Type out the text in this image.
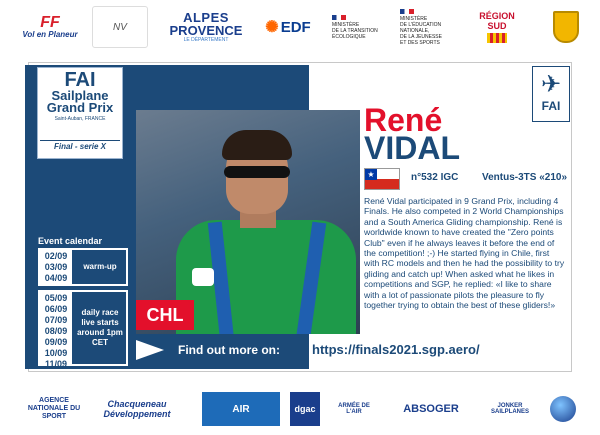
FF
Vol en Planeur
NV
ALPES
PROVENCE
LE DÉPARTEMENT
✺ EDF	MINISTÈRE
DE LA TRANSITION
ÉCOLOGIQUE
MINISTÈRE
DE L'ÉDUCATION
NATIONALE,
DE LA JEUNESSE
ET DES SPORTS
RÉGION
SUD
FAI
Sailplane
Grand Prix
Saint-Auban, FRANCE
Final - serie X
CHL
Event calendar
02/09
03/09
04/09
warm-up
05/09
06/09
07/09
08/09
09/09
10/09
11/09
daily race live starts around 1pm CET
Find out more on: https://finals2021.sgp.aero/
René
VIDAL
✈
FAI
★	n°532 IGC Ventus-3TS «210»
René Vidal participated in 9 Grand Prix, including 4 Finals. He also competed in 2 World Championships and a South America Gliding championship. René is worldwide known to have created the "Zero points Club" even if he always leaves it before the end of the competition! ;-) He started flying in Chile, first with RC models and then he had the possibility to try gliding and catch up! When asked what he likes in competitions and SGP, he replied: «I like to share with a lot of passionate pilots the pleasure to fly together trying to obtain the best of these gliders!»
AGENCE NATIONALE DU SPORT
Chacqueneau Développement	AIR	dgac	ARMÉE DE L'AIR	ABSOGER	JONKER SAILPLANES
